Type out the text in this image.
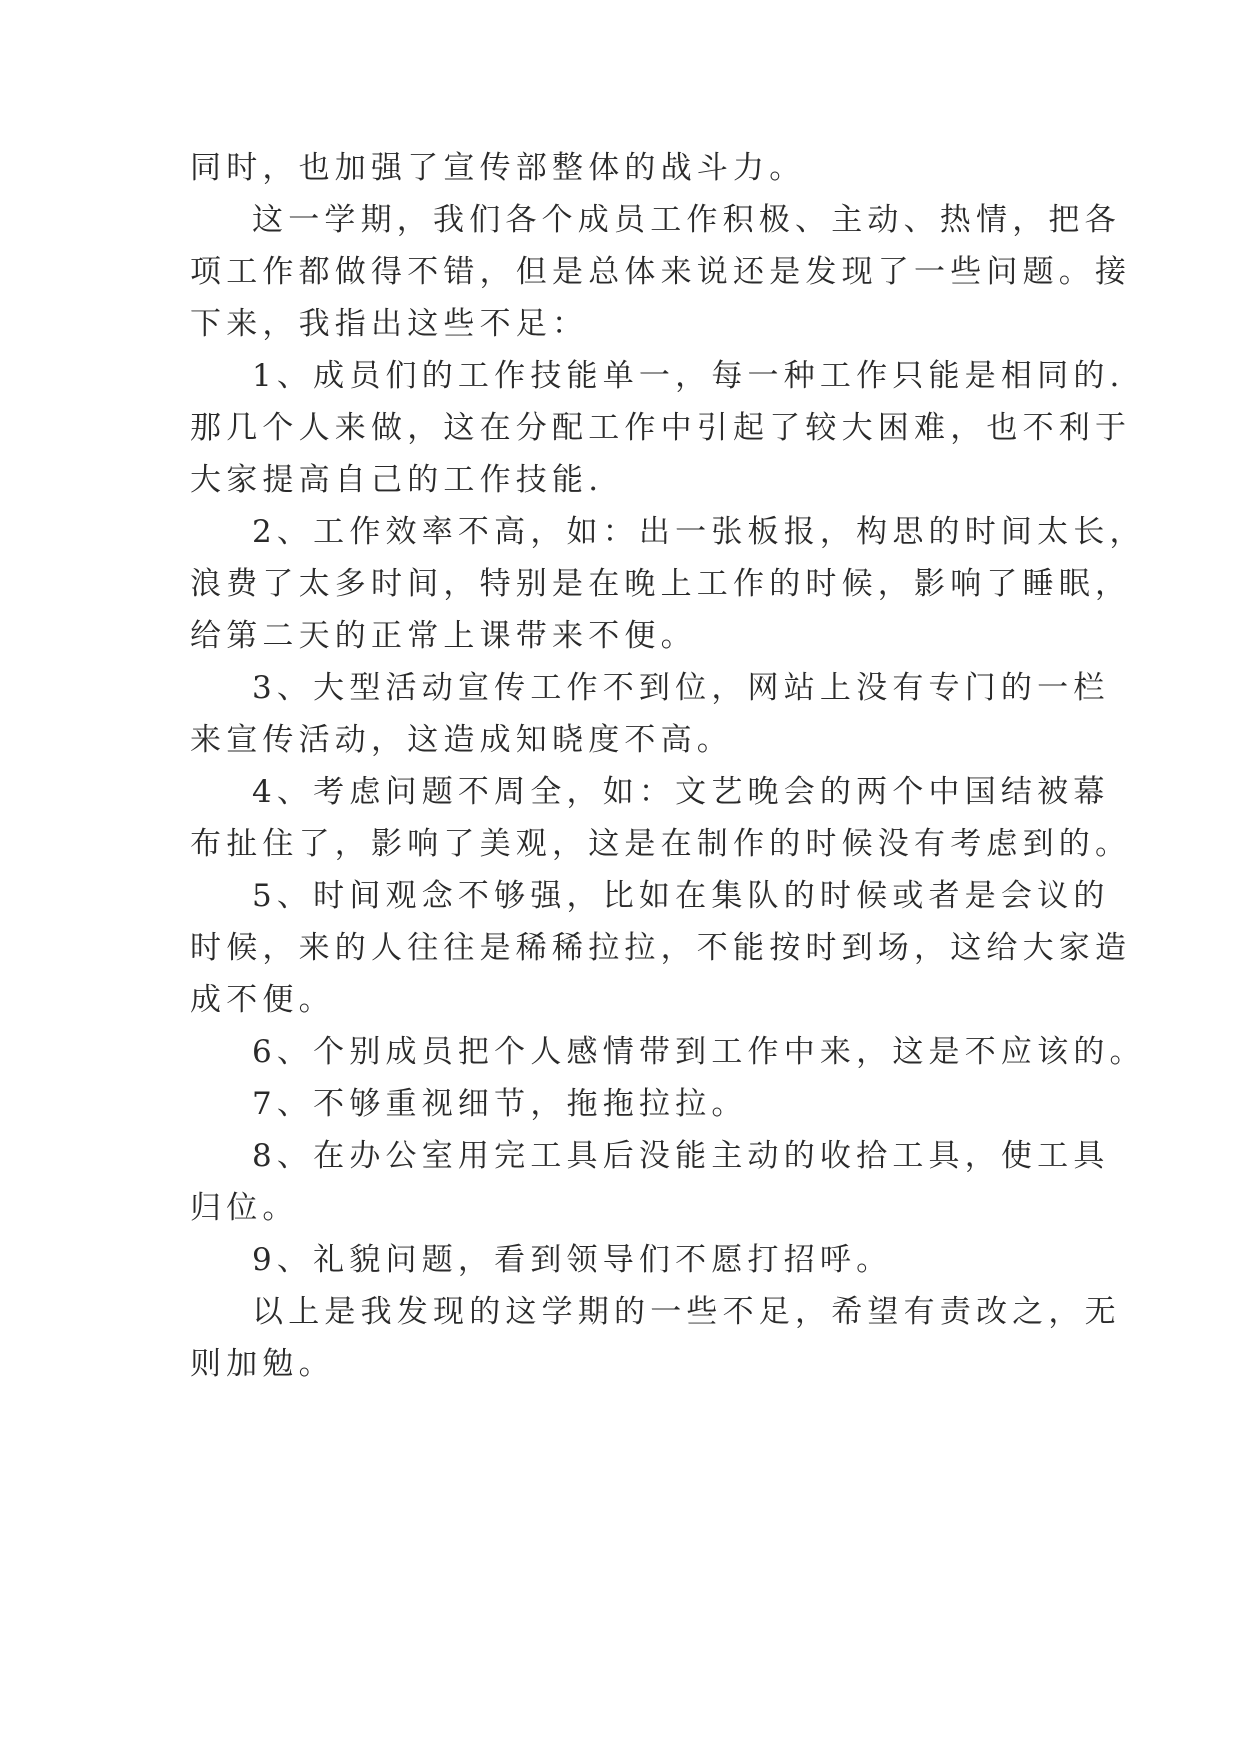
同时，也加强了宣传部整体的战斗力。

这一学期，我们各个成员工作积极、主动、热情，把各

项工作都做得不错，但是总体来说还是发现了一些问题。接

下来，我指出这些不足：

1、成员们的工作技能单一，每一种工作只能是相同的.

那几个人来做，这在分配工作中引起了较大困难，也不利于

大家提高自己的工作技能.

2、工作效率不高，如：出一张板报，构思的时间太长，

浪费了太多时间，特别是在晚上工作的时候，影响了睡眠，

给第二天的正常上课带来不便。

3、大型活动宣传工作不到位，网站上没有专门的一栏

来宣传活动，这造成知晓度不高。

4、考虑问题不周全，如：文艺晚会的两个中国结被幕

布扯住了，影响了美观，这是在制作的时候没有考虑到的。

5、时间观念不够强，比如在集队的时候或者是会议的

时候，来的人往往是稀稀拉拉，不能按时到场，这给大家造

成不便。

6、个别成员把个人感情带到工作中来，这是不应该的。

7、不够重视细节，拖拖拉拉。

8、在办公室用完工具后没能主动的收拾工具，使工具

归位。

9、礼貌问题，看到领导们不愿打招呼。

以上是我发现的这学期的一些不足，希望有责改之，无

则加勉。
